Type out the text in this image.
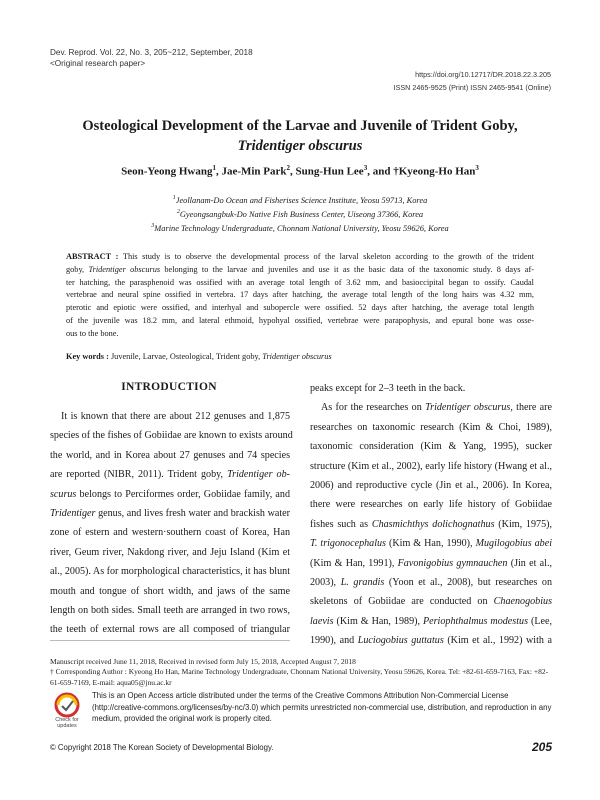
Dev. Reprod. Vol. 22, No. 3, 205~212, September, 2018
<Original research paper>
https://doi.org/10.12717/DR.2018.22.3.205
ISSN 2465-9525 (Print) ISSN 2465-9541 (Online)
Osteological Development of the Larvae and Juvenile of Trident Goby,
Tridentiger obscurus
Seon-Yeong Hwang$^1$, Jae-Min Park$^2$, Sung-Hun Lee$^3$, and †Kyeong-Ho Han$^3$
$^1$Jeollanam-Do Ocean and Fisherises Science Institute, Yeosu 59713, Korea
$^2$Gyeongsangbuk-Do Native Fish Business Center, Uiseong 37366, Korea
$^3$Marine Technology Undergraduate, Chonnam National University, Yeosu 59626, Korea
ABSTRACT : This study is to observe the developmental process of the larval skeleton according to the growth of the trident
goby, Tridentiger obscurus belonging to the larvae and juveniles and use it as the basic data of the taxonomic study. 8 days af-
ter hatching, the parasphenoid was ossified with an average total length of 3.62 mm, and basioccipital began to ossify. Caudal
vertebrae and neural spine ossified in vertebra. 17 days after hatching, the average total length of the long hairs was 4.32 mm,
pterotic and epiotic were ossified, and interhyal and subopercle were ossified. 52 days after hatching, the average total length
of the juvenile was 18.2 mm, and lateral ethmoid, hypohyal ossified, vertebrae were parapophysis, and epural bone was osse-
ous to the bone.
Key words : Juvenile, Larvae, Osteological, Trident goby, Tridentiger obscurus
INTRODUCTION
It is known that there are about 212 genuses and 1,875
species of the fishes of Gobiidae are known to exists around
the world, and in Korea about 27 genuses and 74 species
are reported (NIBR, 2011). Trident goby, Tridentiger ob-
scurus belongs to Perciformes order, Gobiidae family, and
Tridentiger genus, and lives fresh water and brackish water
zone of estern and western·southern coast of Korea, Han
river, Geum river, Nakdong river, and Jeju Island (Kim et
al., 2005). As for morphological characteristics, it has blunt
mouth and tongue of short width, and jaws of the same
length on both sides. Small teeth are arranged in two rows,
the teeth of external rows are all composed of triangular
peaks except for 2–3 teeth in the back.
As for the researches on Tridentiger obscurus, there are
researches on taxonomic research (Kim & Choi, 1989),
taxonomic consideration (Kim & Yang, 1995), sucker
structure (Kim et al., 2002), early life history (Hwang et al.,
2006) and reproductive cycle (Jin et al., 2006). In Korea,
there were researches on early life history of Gobiidae
fishes such as Chasmichthys dolichognathus (Kim, 1975),
T. trigonocephalus (Kim & Han, 1990), Mugilogobius abei
(Kim & Han, 1991), Favonigobius gymnauchen (Jin et al.,
2003), L. grandis (Yoon et al., 2008), but researches on
skeletons of Gobiidae are conducted on Chaenogobius
laevis (Kim & Han, 1989), Periophthalmus modestus (Lee,
1990), and Luciogobius guttatus (Kim et al., 1992) with a
Manuscript received June 11, 2018, Received in revised form July 15, 2018, Accepted August 7, 2018
† Corresponding Author : Kyeong Ho Han, Marine Technology Undergraduate, Chonnam National University, Yeosu 59626, Korea. Tel: +82-61-659-7163, Fax: +82-61-659-7169, E-mail: aqua05@jnu.ac.kr
Check for
updates
This is an Open Access article distributed under the terms of the Creative Commons Attribution Non-Commercial License (http://creative-commons.org/licenses/by-nc/3.0) which permits unrestricted non-commercial use, distribution, and reproduction in any medium, provided the original work is properly cited.
© Copyright 2018 The Korean Society of Developmental Biology.	205
